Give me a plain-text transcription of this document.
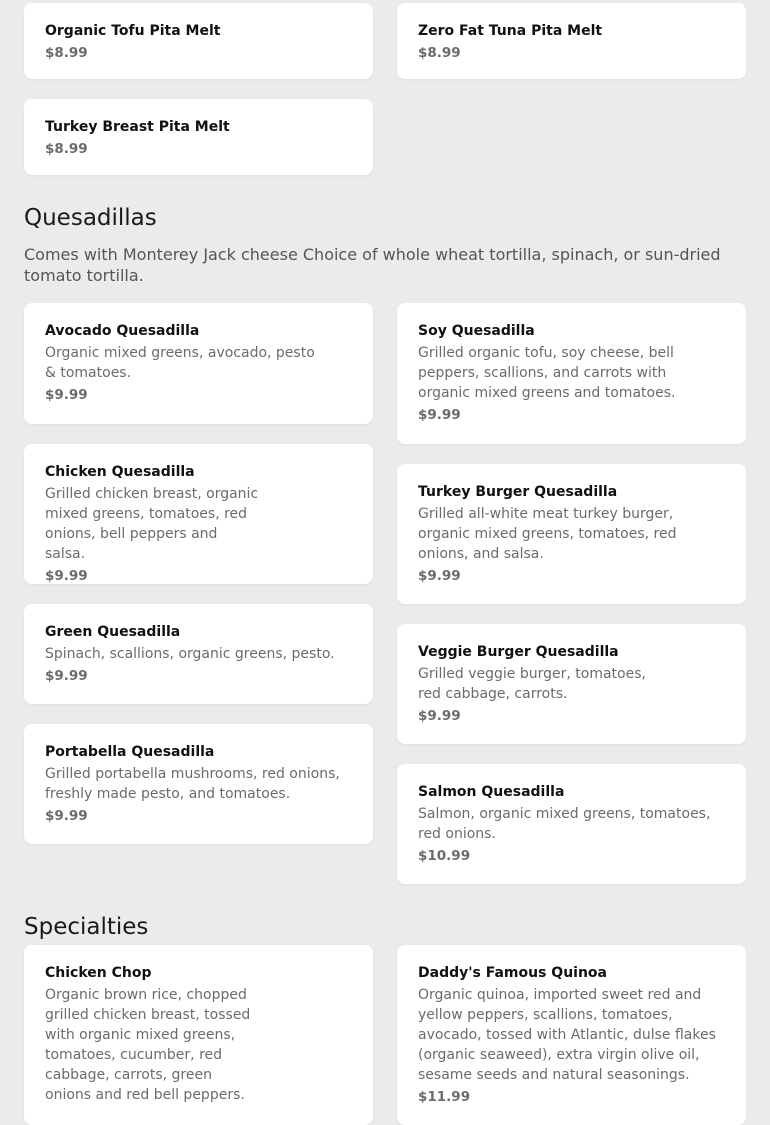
Organic Tofu Pita Melt
$8.99
Zero Fat Tuna Pita Melt
$8.99
Turkey Breast Pita Melt
$8.99
Quesadillas

Comes with Monterey Jack cheese Choice of whole wheat tortilla, spinach, or sun-dried tomato tortilla.

Avocado Quesadilla
Organic mixed greens, avocado, pesto & tomatoes.
$9.99
Chicken Quesadilla
Grilled chicken breast, organic mixed greens, tomatoes, red onions, bell peppers and salsa.
$9.99
Green Quesadilla
Spinach, scallions, organic greens, pesto.
$9.99
Portabella Quesadilla
Grilled portabella mushrooms, red onions, freshly made pesto, and tomatoes.
$9.99
Soy Quesadilla
Grilled organic tofu, soy cheese, bell peppers, scallions, and carrots with organic mixed greens and tomatoes.
$9.99
Turkey Burger Quesadilla
Grilled all-white meat turkey burger, organic mixed greens, tomatoes, red onions, and salsa.
$9.99
Veggie Burger Quesadilla
Grilled veggie burger, tomatoes, red cabbage, carrots.
$9.99
Salmon Quesadilla
Salmon, organic mixed greens, tomatoes, red onions.
$10.99
Specialties
Chicken Chop
Organic brown rice, chopped grilled chicken breast, tossed with organic mixed greens, tomatoes, cucumber, red cabbage, carrots, green onions and red bell peppers.
Daddy's Famous Quinoa
Organic quinoa, imported sweet red and yellow peppers, scallions, tomatoes, avocado, tossed with Atlantic, dulse flakes (organic seaweed), extra virgin olive oil, sesame seeds and natural seasonings.
$11.99
